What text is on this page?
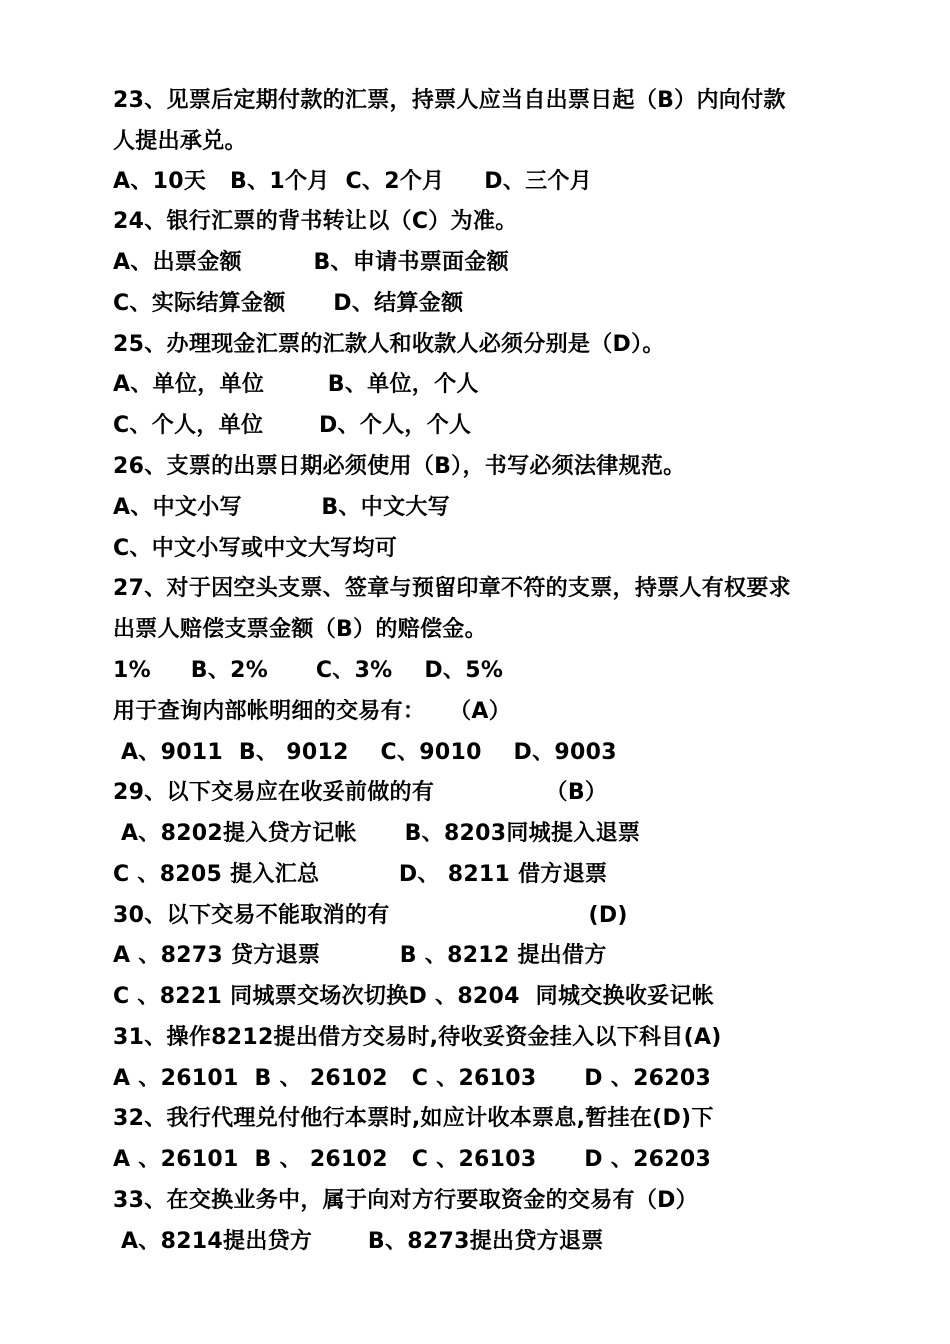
23、见票后定期付款的汇票，持票人应当自出票日起（B）内向付款
人提出承兑。
A、10天   B、1个月  C、2个月     D、三个月
24、银行汇票的背书转让以（C）为准。
A、出票金额         B、申请书票面金额
C、实际结算金额      D、结算金额
25、办理现金汇票的汇款人和收款人必须分别是（D）。
A、单位，单位        B、单位，个人
C、个人，单位       D、个人，个人
26、支票的出票日期必须使用（B），书写必须法律规范。
A、中文小写          B、中文大写
C、中文小写或中文大写均可
27、对于因空头支票、签章与预留印章不符的支票，持票人有权要求
出票人赔偿支票金额（B）的赔偿金。
1%     B、2%      C、3%    D、5%
用于查询内部帐明细的交易有：   （A）
A、9011  B、 9012    C、9010    D、9003
29、以下交易应在收妥前做的有              （B）
A、8202提入贷方记帐      B、8203同城提入退票
C 、8205 提入汇总          D、 8211 借方退票
30、以下交易不能取消的有                         (D)
A 、8273 贷方退票          B 、8212 提出借方
C 、8221 同城票交场次切换D 、8204  同城交换收妥记帐
31、操作8212提出借方交易时,待收妥资金挂入以下科目(A)
A 、26101  B 、 26102   C 、26103      D 、26203
32、我行代理兑付他行本票时,如应计收本票息,暂挂在(D)下
A 、26101  B 、 26102   C 、26103      D 、26203
33、在交换业务中，属于向对方行要取资金的交易有（D）
A、8214提出贷方       B、8273提出贷方退票
